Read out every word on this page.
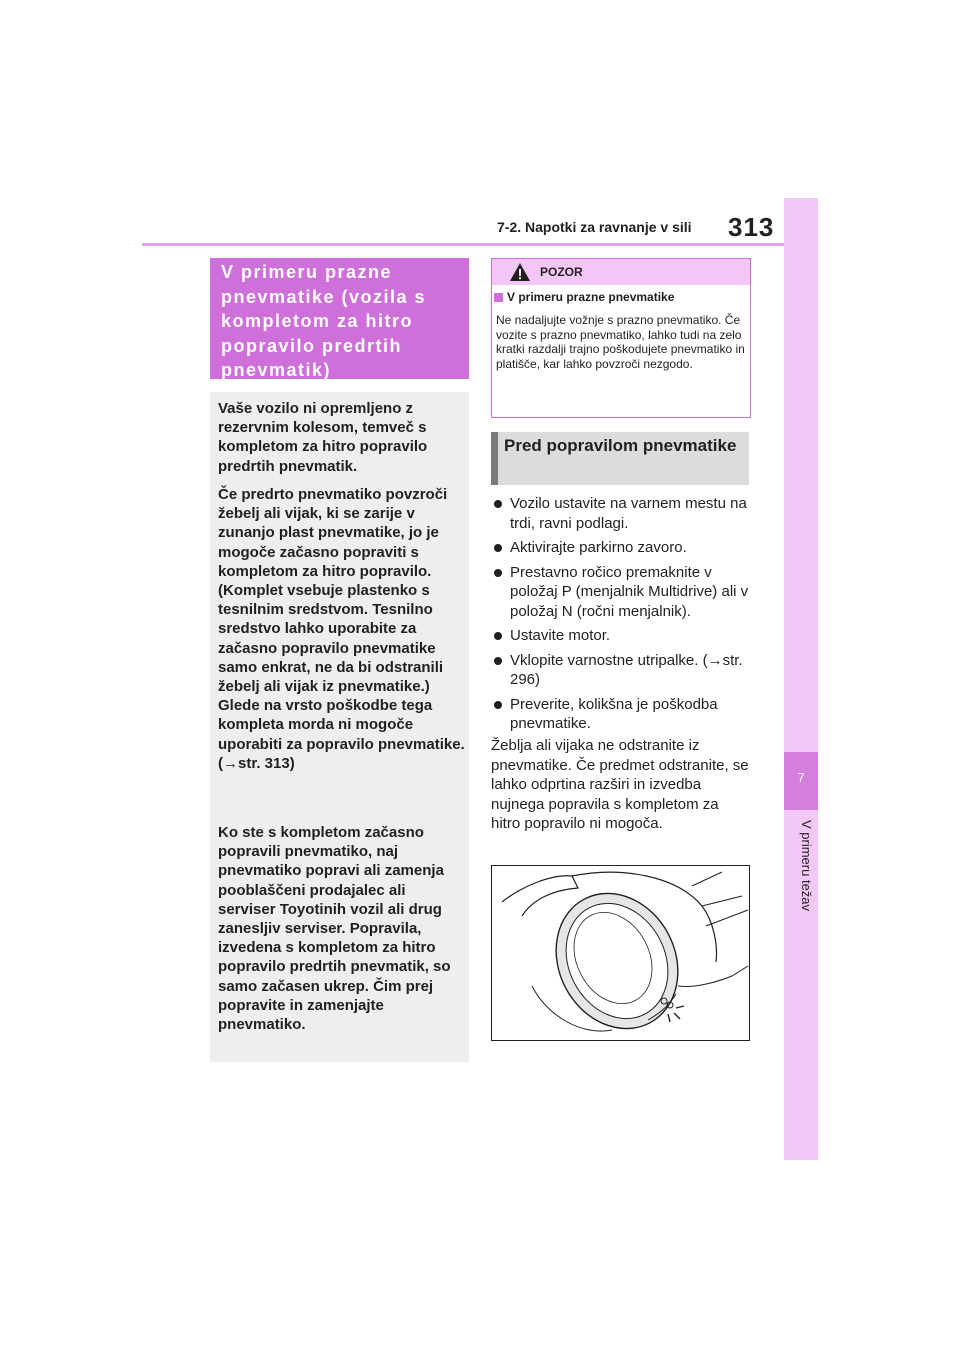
7-2. Napotki za ravnanje v sili 313
7
V primeru težav
V primeru prazne pnevmatike (vozila s kompletom za hitro popravilo predrtih pnevmatik)
Vaše vozilo ni opremljeno z rezervnim kolesom, temveč s kompletom za hitro popravilo predrtih pnevmatik.
Če predrto pnevmatiko povzroči žebelj ali vijak, ki se zarije v zunanjo plast pnevmatike, jo je mogoče začasno popraviti s kompletom za hitro popravilo. (Komplet vsebuje plastenko s tesnilnim sredstvom. Tesnilno sredstvo lahko uporabite za začasno popravilo pnevmatike samo enkrat, ne da bi odstranili žebelj ali vijak iz pnevmatike.) Glede na vrsto poškodbe tega kompleta morda ni mogoče uporabiti za popravilo pnevmatike. (→str. 313)
Ko ste s kompletom začasno popravili pnevmatiko, naj pnevmatiko popravi ali zamenja pooblaščeni prodajalec ali serviser Toyotinih vozil ali drug zanesljiv serviser. Popravila, izvedena s kompletom za hitro popravilo predrtih pnevmatik, so samo začasen ukrep. Čim prej popravite in zamenjajte pnevmatiko.
POZOR
V primeru prazne pnevmatike
Ne nadaljujte vožnje s prazno pnevmatiko. Če vozite s prazno pnevmatiko, lahko tudi na zelo kratki razdalji trajno poškodujete pnevmatiko in platišče, kar lahko povzroči nezgodo.
Pred popravilom pnevmatike
Vozilo ustavite na varnem mestu na trdi, ravni podlagi.
Aktivirajte parkirno zavoro.
Prestavno ročico premaknite v položaj P (menjalnik Multidrive) ali v položaj N (ročni menjalnik).
Ustavite motor.
Vklopite varnostne utripalke. (→str. 296)
Preverite, kolikšna je poškodba pnevmatike.
Žeblja ali vijaka ne odstranite iz pnevmatike. Če predmet odstranite, se lahko odprtina razširi in izvedba nujnega popravila s kompletom za hitro popravilo ni mogoča.
